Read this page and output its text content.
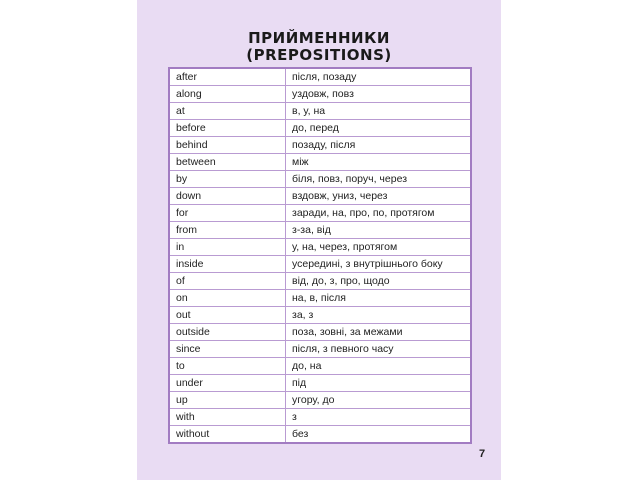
ПРИЙМЕННИКИ
(PREPOSITIONS)
after	після, позаду
along	уздовж, повз
at	в, у, на
before	до, перед
behind	позаду, після
between	між
by	біля, повз, поруч, через
down	вздовж, униз, через
for	заради, на, про, по, протягом
from	з-за, від
in	у, на, через, протягом
inside	усередині, з внутрішнього боку
of	від, до, з, про, щодо
on	на, в, після
out	за, з
outside	поза, зовні, за межами
since	після, з певного часу
to	до, на
under	під
up	угору, до
with	з
without	без
7
